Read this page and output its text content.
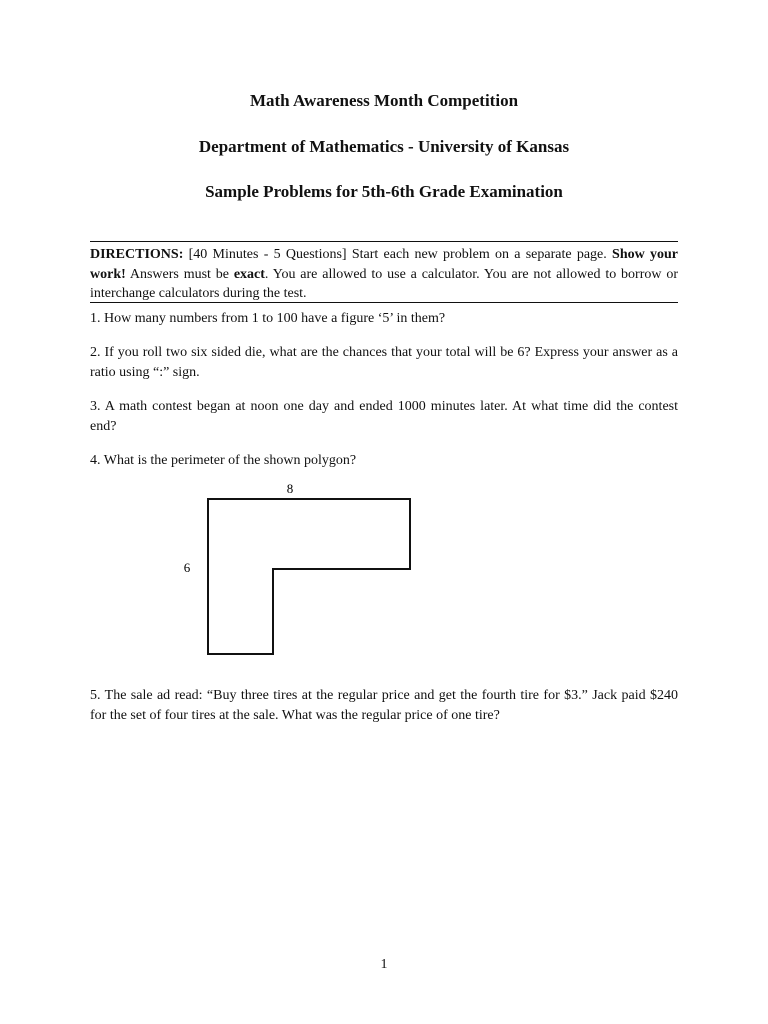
Math Awareness Month Competition
Department of Mathematics - University of Kansas
Sample Problems for 5th-6th Grade Examination

DIRECTIONS: [40 Minutes - 5 Questions] Start each new problem on a separate page. Show your work! Answers must be exact. You are allowed to use a calculator. You are not allowed to borrow or interchange calculators during the test.

1. How many numbers from 1 to 100 have a figure ‘5’ in them?

2. If you roll two six sided die, what are the chances that your total will be 6? Express your answer as a ratio using “:” sign.

3. A math contest began at noon one day and ended 1000 minutes later. At what time did the contest end?

4. What is the perimeter of the shown polygon?

8
6

5. The sale ad read: “Buy three tires at the regular price and get the fourth tire for $3.” Jack paid $240 for the set of four tires at the sale. What was the regular price of one tire?

1
